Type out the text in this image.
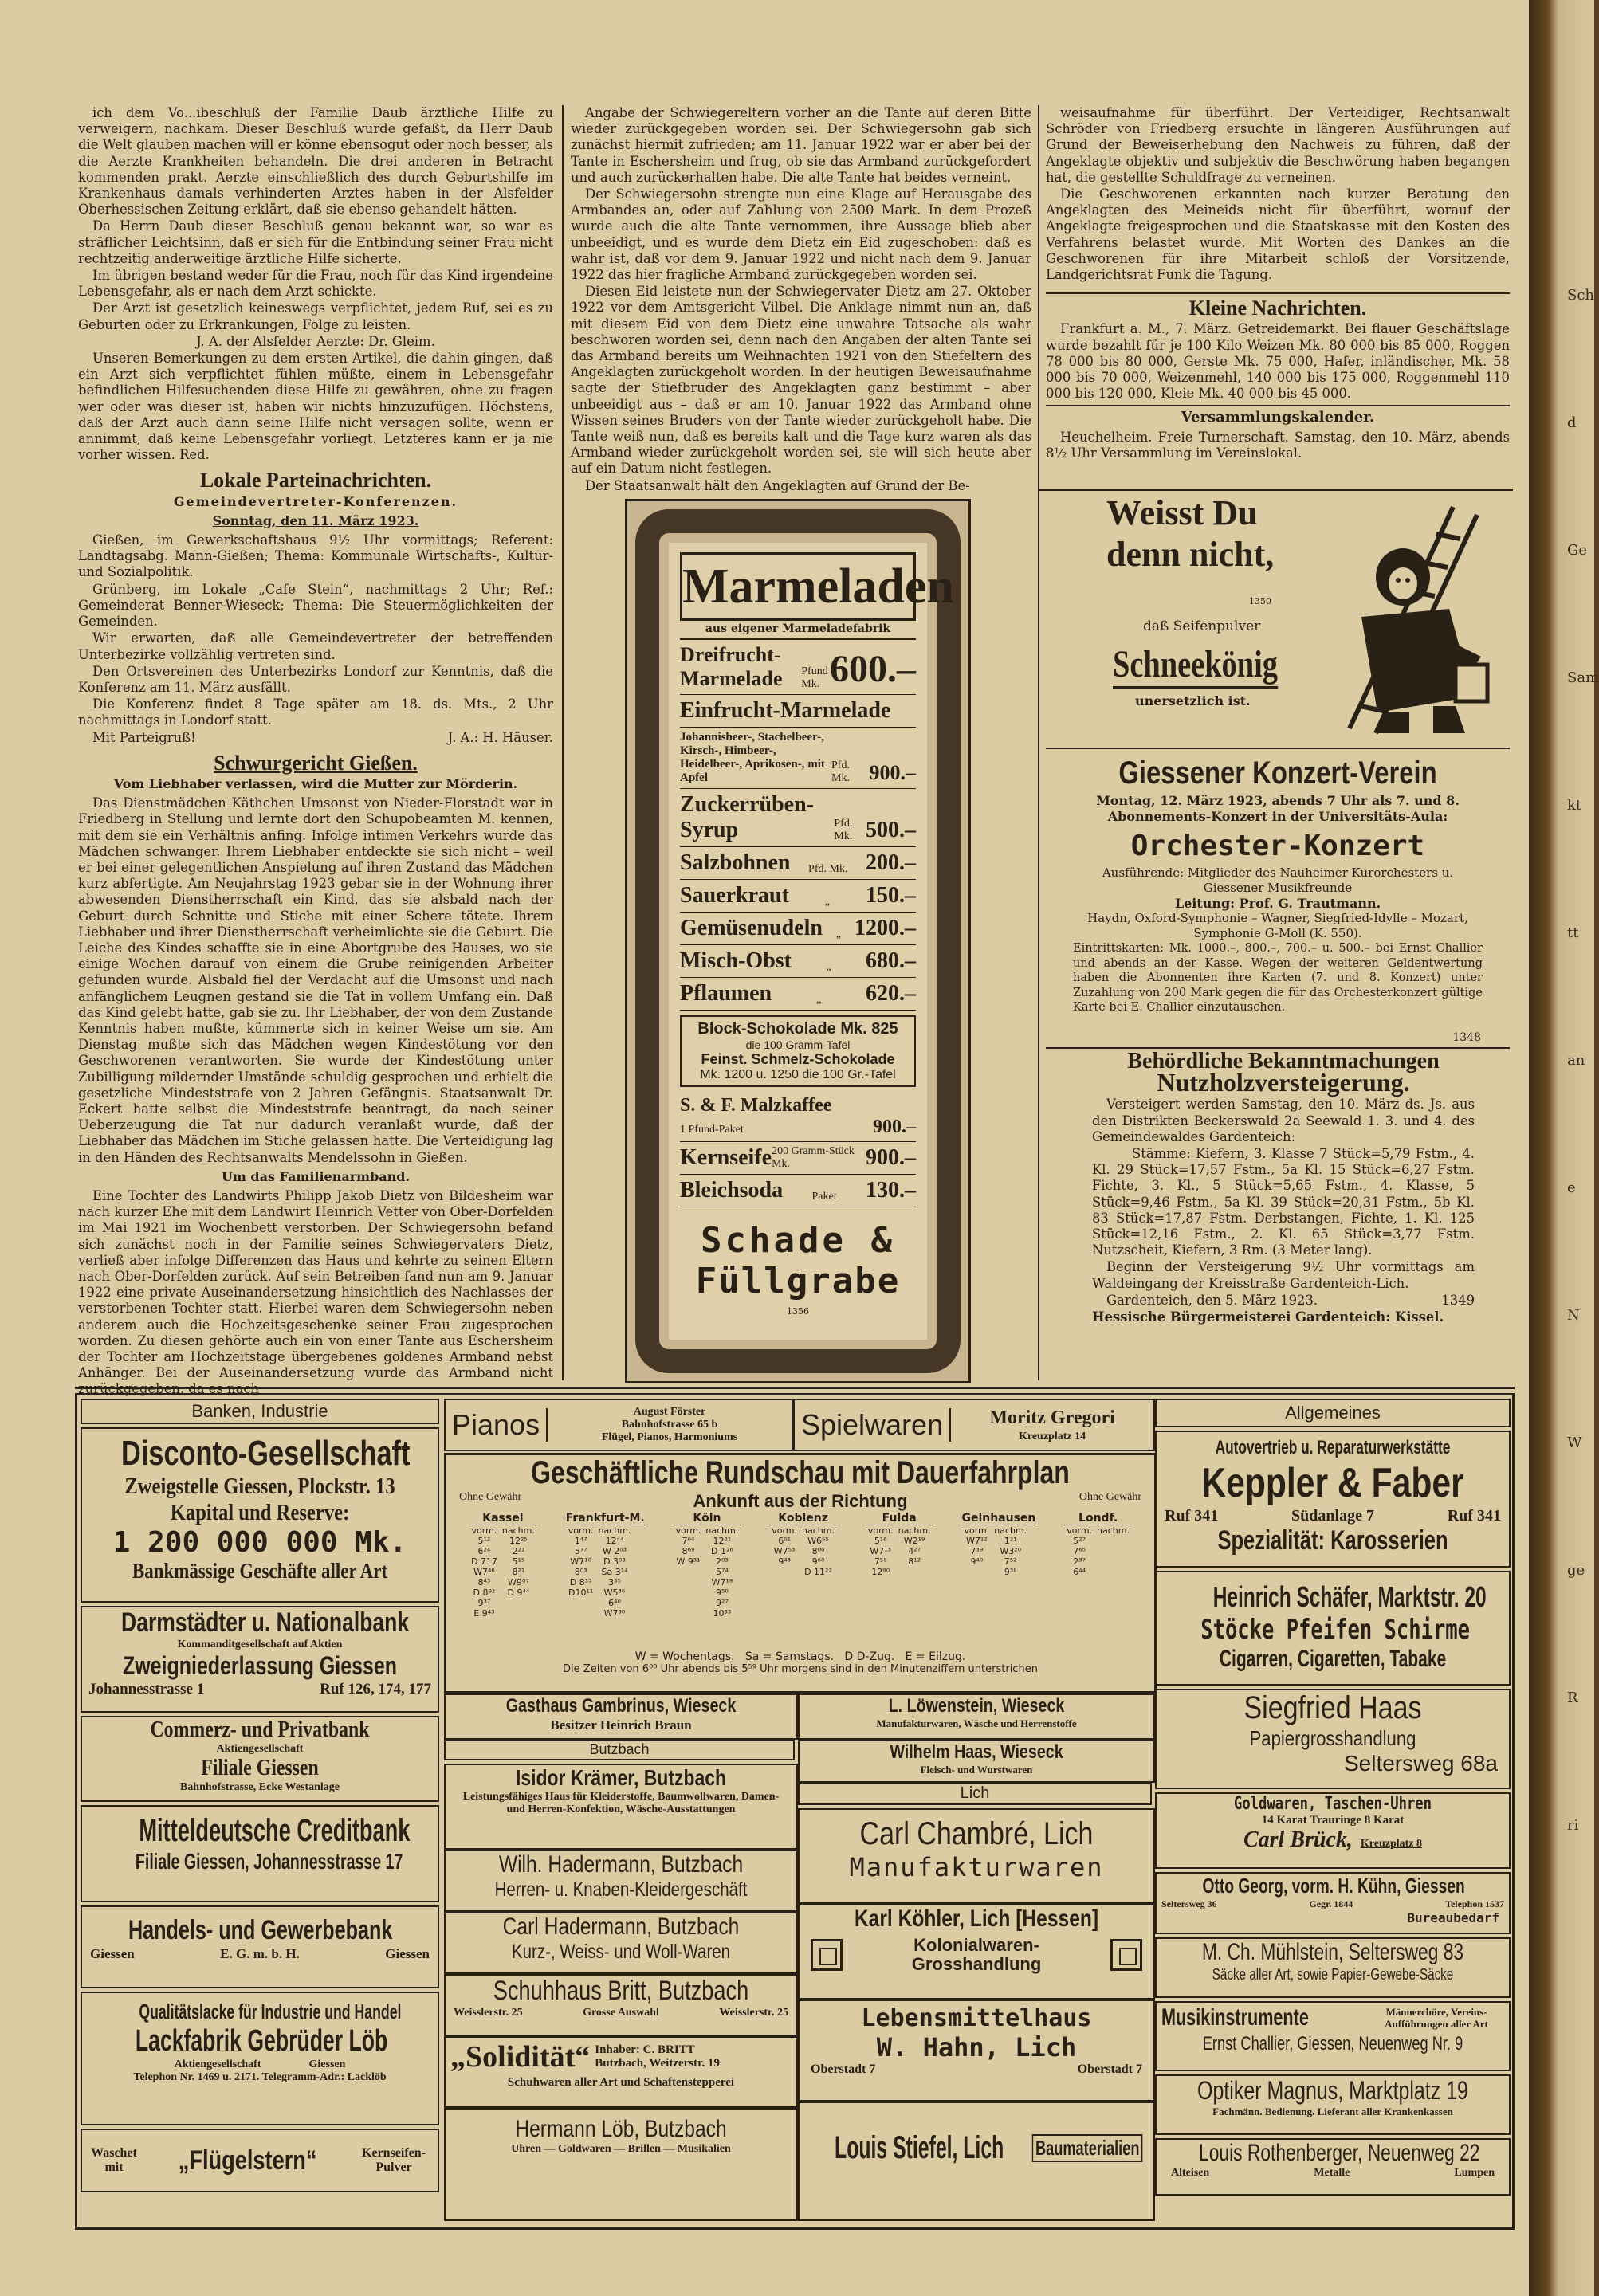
ich dem Vo...ibeschluß der Familie Daub ärztliche Hilfe zu verweigern, nachkam. Dieser Beschluß wurde gefaßt, da Herr Daub die Welt glauben machen will er könne ebensogut oder noch besser, als die Aerzte Krankheiten behandeln. Die drei anderen in Betracht kommenden prakt. Aerzte einschließlich des durch Geburtshilfe im Krankenhaus damals verhinderten Arztes haben in der Alsfelder Oberhessischen Zeitung erklärt, daß sie ebenso gehandelt hätten.

Da Herrn Daub dieser Beschluß genau bekannt war, so war es sträflicher Leichtsinn, daß er sich für die Entbindung seiner Frau nicht rechtzeitig anderweitige ärztliche Hilfe sicherte.

Im übrigen bestand weder für die Frau, noch für das Kind irgendeine Lebensgefahr, als er nach dem Arzt schickte.

Der Arzt ist gesetzlich keineswegs verpflichtet, jedem Ruf, sei es zu Geburten oder zu Erkrankungen, Folge zu leisten.

J. A. der Alsfelder Aerzte: Dr. Gleim.

Unseren Bemerkungen zu dem ersten Artikel, die dahin gingen, daß ein Arzt sich verpflichtet fühlen müßte, einem in Lebensgefahr befindlichen Hilfesuchenden diese Hilfe zu gewähren, ohne zu fragen wer oder was dieser ist, haben wir nichts hinzuzufügen. Höchstens, daß der Arzt auch dann seine Hilfe nicht versagen sollte, wenn er annimmt, daß keine Lebensgefahr vorliegt. Letzteres kann er ja nie vorher wissen. Red.

Lokale Parteinachrichten.
Gemeindevertreter-Konferenzen.
Sonntag, den 11. März 1923.

Gießen, im Gewerkschaftshaus 9½ Uhr vormittags; Referent: Landtagsabg. Mann-Gießen; Thema: Kommunale Wirtschafts-, Kultur- und Sozialpolitik.

Grünberg, im Lokale „Cafe Stein“, nachmittags 2 Uhr; Ref.: Gemeinderat Benner-Wieseck; Thema: Die Steuermöglichkeiten der Gemeinden.

Wir erwarten, daß alle Gemeindevertreter der betreffenden Unterbezirke vollzählig vertreten sind.

Den Ortsvereinen des Unterbezirks Londorf zur Kenntnis, daß die Konferenz am 11. März ausfällt.

Die Konferenz findet 8 Tage später am 18. ds. Mts., 2 Uhr nachmittags in Londorf statt.

Mit Parteigruß!	J. A.: H. Häuser.

Schwurgericht Gießen.
Vom Liebhaber verlassen, wird die Mutter zur Mörderin.

Das Dienstmädchen Käthchen Umsonst von Nieder-Florstadt war in Friedberg in Stellung und lernte dort den Schupobeamten M. kennen, mit dem sie ein Verhältnis anfing. Infolge intimen Verkehrs wurde das Mädchen schwanger. Ihrem Liebhaber entdeckte sie sich nicht – weil er bei einer gelegentlichen Anspielung auf ihren Zustand das Mädchen kurz abfertigte. Am Neujahrstag 1923 gebar sie in der Wohnung ihrer abwesenden Dienstherrschaft ein Kind, das sie alsbald nach der Geburt durch Schnitte und Stiche mit einer Schere tötete. Ihrem Liebhaber und ihrer Dienstherrschaft verheimlichte sie die Geburt. Die Leiche des Kindes schaffte sie in eine Abortgrube des Hauses, wo sie einige Wochen darauf von einem die Grube reinigenden Arbeiter gefunden wurde. Alsbald fiel der Verdacht auf die Umsonst und nach anfänglichem Leugnen gestand sie die Tat in vollem Umfang ein. Daß das Kind gelebt hatte, gab sie zu. Ihr Liebhaber, der von dem Zustande Kenntnis haben mußte, kümmerte sich in keiner Weise um sie. Am Dienstag mußte sich das Mädchen wegen Kindestötung vor den Geschworenen verantworten. Sie wurde der Kindestötung unter Zubilligung mildernder Umstände schuldig gesprochen und erhielt die gesetzliche Mindeststrafe von 2 Jahren Gefängnis. Staatsanwalt Dr. Eckert hatte selbst die Mindeststrafe beantragt, da nach seiner Ueberzeugung die Tat nur dadurch veranlaßt wurde, daß der Liebhaber das Mädchen im Stiche gelassen hatte. Die Verteidigung lag in den Händen des Rechtsanwalts Mendelssohn in Gießen.

Um das Familienarmband.

Eine Tochter des Landwirts Philipp Jakob Dietz von Bildesheim war nach kurzer Ehe mit dem Landwirt Heinrich Vetter von Ober-Dorfelden im Mai 1921 im Wochenbett verstorben. Der Schwiegersohn befand sich zunächst noch in der Familie seines Schwiegervaters Dietz, verließ aber infolge Differenzen das Haus und kehrte zu seinen Eltern nach Ober-Dorfelden zurück. Auf sein Betreiben fand nun am 9. Januar 1922 eine private Auseinandersetzung hinsichtlich des Nachlasses der verstorbenen Tochter statt. Hierbei waren dem Schwiegersohn neben anderem auch die Hochzeitsgeschenke seiner Frau zugesprochen worden. Zu diesen gehörte auch ein von einer Tante aus Eschersheim der Tochter am Hochzeitstage übergebenes goldenes Armband nebst Anhänger. Bei der Auseinandersetzung wurde das Armband nicht

Angabe der Schwiegereltern vorher an die Tante auf deren Bitte wieder zurückgegeben worden sei. Der Schwiegersohn gab sich zunächst hiermit zufrieden; am 11. Januar 1922 war er aber bei der Tante in Eschersheim und frug, ob sie das Armband zurückgefordert und auch zurückerhalten habe. Die alte Tante hat beides verneint.

Der Schwiegersohn strengte nun eine Klage auf Herausgabe des Armbandes an, oder auf Zahlung von 2500 Mark. In dem Prozeß wurde auch die alte Tante vernommen, ihre Aussage blieb aber unbeeidigt, und es wurde dem Dietz ein Eid zugeschoben: daß es wahr ist, daß vor dem 9. Januar 1922 und nicht nach dem 9. Januar 1922 das hier fragliche Armband zurückgegeben worden sei.

Diesen Eid leistete nun der Schwiegervater Dietz am 27. Oktober 1922 vor dem Amtsgericht Vilbel. Die Anklage nimmt nun an, daß mit diesem Eid von dem Dietz eine unwahre Tatsache als wahr beschworen worden sei, denn nach den Angaben der alten Tante sei das Armband bereits um Weihnachten 1921 von den Stiefeltern des Angeklagten zurückgeholt worden. In der heutigen Beweisaufnahme sagte der Stiefbruder des Angeklagten ganz bestimmt – aber unbeeidigt aus – daß er am 10. Januar 1922 das Armband ohne Wissen seines Bruders von der Tante wieder zurückgeholt habe. Die Tante weiß nun, daß es bereits kalt und die Tage kurz waren als das Armband wieder zurückgeholt worden sei, sie will sich heute aber auf ein Datum nicht festlegen.

Der Staatsanwalt hält den Angeklagten auf Grund der Be-

weisaufnahme für überführt. Der Verteidiger, Rechtsanwalt Schröder von Friedberg ersuchte in längeren Ausführungen auf Grund der Beweiserhebung den Nachweis zu führen, daß der Angeklagte objektiv und subjektiv die Beschwörung haben begangen hat, die gestellte Schuldfrage zu verneinen.

Die Geschworenen erkannten nach kurzer Beratung den Angeklagten des Meineids nicht für überführt, worauf der Angeklagte freigesprochen und die Staatskasse mit den Kosten des Verfahrens belastet wurde. Mit Worten des Dankes an die Geschworenen für ihre Mitarbeit schloß der Vorsitzende, Landgerichtsrat Funk die Tagung.

Kleine Nachrichten.

Frankfurt a. M., 7. März. Getreidemarkt. Bei flauer Geschäftslage wurde bezahlt für je 100 Kilo Weizen Mk. 80 000 bis 85 000, Roggen 78 000 bis 80 000, Gerste Mk. 75 000, Hafer, inländischer, Mk. 58 000 bis 70 000, Weizenmehl, 140 000 bis 175 000, Roggenmehl 110 000 bis 120 000, Kleie Mk. 40 000 bis 45 000.

Versammlungskalender.

Heuchelheim. Freie Turnerschaft. Samstag, den 10. März, abends 8½ Uhr Versammlung im Vereinslokal.

Marmeladen
aus eigener Marmeladefabrik
Dreifrucht-Marmelade	Pfund Mk. 600.–
Einfrucht-Marmelade
Johannisbeer-, Stachelbeer-, Kirsch-, Himbeer-, Heidelbeer-, Aprikosen-, mit Apfel
Pfd. Mk. 900.–
Zuckerrüben-Syrup	Pfd. Mk. 500.–
Salzbohnen Pfd. Mk. 200.–
Sauerkraut	„ 150.–
Gemüsenudeln „ 1200.–
Misch-Obst	„ 680.–
Pflaumen	„ 620.–
Block-Schokolade Mk. 825
die 100 Gramm-Tafel
Feinst. Schmelz-Schokolade
Mk. 1200 u. 1250 die 100 Gr.-Tafel
S. & F. Malzkaffee
1 Pfund-Paket	900.–
Kernseife 200 Gramm-Stück Mk.	900.–
Bleichsoda	Paket 130.–
Schade &
Füllgrabe
1356
Weisst Du
denn nicht,
1350
daß Seifenpulver
Schneekönig
unersetzlich ist.
Giessener Konzert-Verein
Montag, 12. März 1923, abends 7 Uhr als 7. und 8. Abonnements-Konzert in der Universitäts-Aula:
Orchester-Konzert
Ausführende: Mitglieder des Nauheimer Kurorchesters u. Giessener Musikfreunde
Leitung: Prof. G. Trautmann.
Haydn, Oxford-Symphonie – Wagner, Siegfried-Idylle – Mozart, Symphonie G-Moll (K. 550).
Eintrittskarten: Mk. 1000.–, 800.–, 700.– u. 500.– bei Ernst Challier und abends an der Kasse. Wegen der weiteren Geldentwertung haben die Abonnenten ihre Karten (7. und 8. Konzert) unter Zuzahlung von 200 Mark gegen die für das Orchesterkonzert gültige Karte bei E. Challier einzutauschen.
1348
Behördliche Bekanntmachungen
Nutzholzversteigerung.

Versteigert werden Samstag, den 10. März ds. Js. aus den Distrikten Beckerswald 2a Seewald 1. 3. und 4. des Gemeindewaldes Gardenteich:

Stämme: Kiefern, 3. Klasse 7 Stück=5,79 Fstm., 4. Kl. 29 Stück=17,57 Fstm., 5a Kl. 15 Stück=6,27 Fstm. Fichte, 3. Kl., 5 Stück=5,65 Fstm., 4. Klasse, 5 Stück=9,46 Fstm., 5a Kl. 39 Stück=20,31 Fstm., 5b Kl. 83 Stück=17,87 Fstm. Derbstangen, Fichte, 1. Kl. 125 Stück=12,16 Fstm., 2. Kl. 65 Stück=3,77 Fstm. Nutzscheit, Kiefern, 3 Rm. (3 Meter lang).

Beginn der Versteigerung 9½ Uhr vormittags am Waldeingang der Kreisstraße Gardenteich-Lich.

Gardenteich, den 5. März 1923.	1349

Hessische Bürgermeisterei Gardenteich: Kissel.

Banken, Industrie
Disconto-Gesellschaft
Zweigstelle Giessen, Plockstr. 13
Kapital und Reserve:
1 200 000 000 Mk.
Bankmässige Geschäfte aller Art
Darmstädter u. Nationalbank
Kommanditgesellschaft auf Aktien
Zweigniederlassung Giessen
Johannesstrasse 1	Ruf 126, 174, 177
Commerz- und Privatbank
Aktiengesellschaft
Filiale Giessen
Bahnhofstrasse, Ecke Westanlage
Mitteldeutsche Creditbank
Filiale Giessen, Johannesstrasse 17
Handels- und Gewerbebank
Giessen	E. G. m. b. H.	Giessen
Qualitätslacke für Industrie und Handel
Lackfabrik Gebrüder Löb
Aktiengesellschaft	Giessen
Telephon Nr. 1469 u. 2171. Telegramm-Adr.: Lacklöb
Waschet mit	„Flügelstern“	Kernseifen-Pulver
Pianos	August Förster
Bahnhofstrasse 65 b
Flügel, Pianos, Harmoniums	Spielwaren	Moritz Gregori
Kreuzplatz 14
Geschäftliche Rundschau mit Dauerfahrplan
Ohne Gewähr	Ankunft aus der Richtung	Ohne Gewähr
Kassel
vorm.	nachm.
5¹²	12²⁵
6²⁴	2²¹
D 717	5¹⁵
W7⁴⁶	8²¹
8⁴³	W9⁰⁷
D 8⁹²	D 9⁴⁴
9³⁷	
E 9⁴³	
Frankfurt-M.
vorm.	nachm.
1⁴⁷	12⁴⁴
5⁷⁷	W 2⁰³
W7¹⁰	D 3⁰³
8⁰³	Sa 3¹⁴
D 8³³	3³⁵
D10¹¹	W5³⁶
	6⁴⁰
	W7³⁰
Köln
vorm.	nachm.
7⁰⁴	12²¹
8⁶⁹	D 1²⁶
W 9³¹	2⁰³
	5⁷⁴
	W7¹⁸
	9⁵⁰
	9²⁷
	10³³
Koblenz
vorm.	nachm.
6⁰¹	W6⁵⁵
W7⁵³	8⁰⁰
9⁴³	9⁶⁰
	D 11²²
Fulda
vorm.	nachm.
5¹⁶	W2¹⁹
W7¹³	4²⁷
7⁵⁸	8¹²
12⁹⁰	
Gelnhausen
vorm.	nachm.
W7¹²	1²¹
7³⁹	W3²⁰
9⁴⁰	7⁵²
	9³⁸
Londf.
vorm.	nachm.
5²⁷	
7⁶⁵	
2³⁷	
6⁴⁴	
W = Wochentags.   Sa = Samstags.   D D-Zug.   E = Eilzug.
Die Zeiten von 6⁰⁰ Uhr abends bis 5⁵⁹ Uhr morgens sind in den Minutenziffern unterstrichen
Gasthaus Gambrinus, Wieseck
Besitzer Heinrich Braun
L. Löwenstein, Wieseck
Manufakturwaren, Wäsche und Herrenstoffe
Butzbach	Wilhelm Haas, Wieseck
Fleisch- und Wurstwaren
Isidor Krämer, Butzbach
Leistungsfähiges Haus für Kleiderstoffe, Baumwollwaren, Damen- und Herren-Konfektion, Wäsche-Ausstattungen
Wilh. Hadermann, Butzbach
Herren- u. Knaben-Kleidergeschäft
Carl Hadermann, Butzbach
Kurz-, Weiss- und Woll-Waren
Schuhhaus Britt, Butzbach
Weisslerstr. 25	Grosse Auswahl	Weisslerstr. 25
„Solidität“ Inhaber: C. BRITT
Butzbach, Weitzerstr. 19
Schuhwaren aller Art und Schaftenstepperei
Hermann Löb, Butzbach
Uhren — Goldwaren — Brillen — Musikalien
Lich
Carl Chambré, Lich
Manufakturwaren
Karl Köhler, Lich [Hessen]
Kolonialwaren-
Grosshandlung
Lebensmittelhaus
W. Hahn, Lich
Oberstadt 7	Oberstadt 7
Louis Stiefel, Lich Baumaterialien
Allgemeines
Autovertrieb u. Reparaturwerkstätte
Keppler & Faber
Ruf 341	Südanlage 7	Ruf 341
Spezialität: Karosserien
Heinrich Schäfer, Marktstr. 20
Stöcke Pfeifen Schirme
Cigarren, Cigaretten, Tabake
Siegfried Haas
Papiergrosshandlung
Seltersweg 68a
Goldwaren, Taschen-Uhren
14 Karat Trauringe 8 Karat
Carl Brück, Kreuzplatz 8
Otto Georg, vorm. H. Kühn, Giessen
Seltersweg 36	Gegr. 1844	Telephon 1537
Bureaubedarf
M. Ch. Mühlstein, Seltersweg 83
Säcke aller Art, sowie Papier-Gewebe-Säcke
Musikinstrumente	Männerchöre, Vereins-Aufführungen aller Art
Ernst Challier, Giessen, Neuenweg Nr. 9
Optiker Magnus, Marktplatz 19
Fachmänn. Bedienung. Lieferant aller Krankenkassen
Louis Rothenberger, Neuenweg 22
Alteisen	Metalle	Lumpen
Sch
d
Ge
Sam
kt
tt
an
e
N
W
ge
R
ri
